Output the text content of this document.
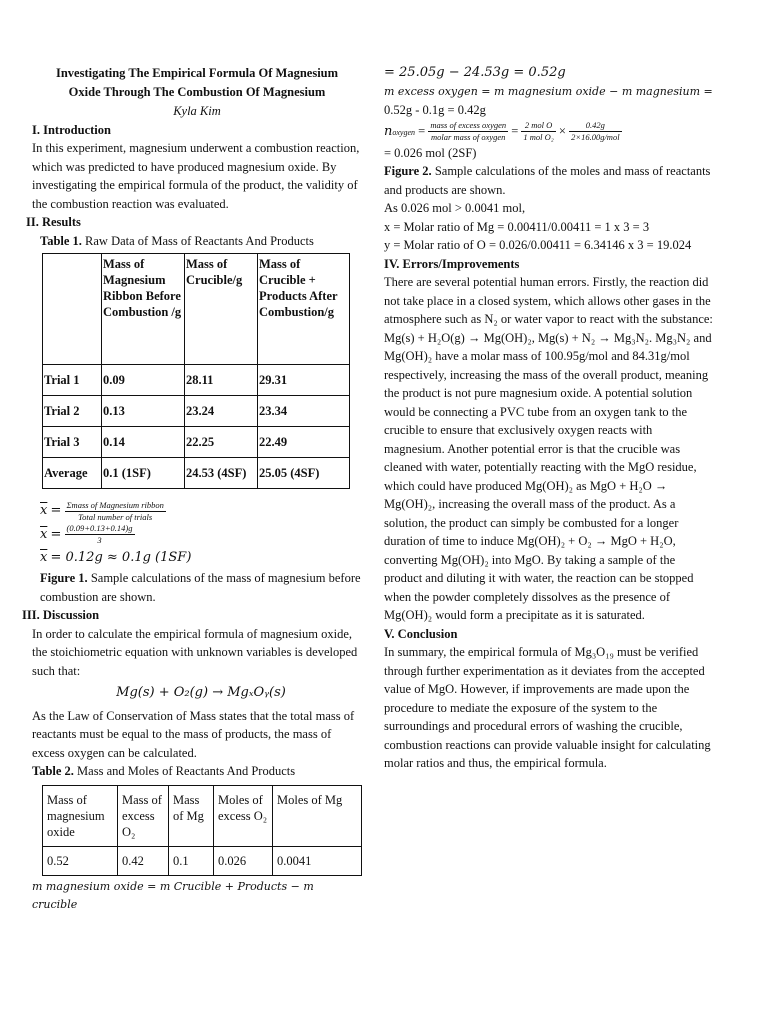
Investigating The Empirical Formula Of Magnesium
Oxide Through The Combustion Of Magnesium
Kyla Kim
I. Introduction

In this experiment, magnesium underwent a combustion reaction, which was predicted to have produced magnesium oxide. By investigating the empirical formula of the product, the validity of the combustion reaction was evaluated.

II. Results
Table 1. Raw Data of Mass of Reactants And Products
	Mass of Magnesium Ribbon Before Combustion /g	Mass of Crucible/g	Mass of Crucible + Products After Combustion/g
Trial 1	0.09	28.11	29.31
Trial 2	0.13	23.24	23.34
Trial 3	0.14	22.25	22.49
Average	0.1 (1SF)	24.53 (4SF)	25.05 (4SF)
$\overline{x} = \frac{\text{Σmass of Magnesium ribbon}}{\text{Total number of trials}}$
$\overline{x} = \frac{(0.09+0.13+0.14)g}{3}$
$\overline{x} = 0.12g \approx 0.1g$ (1SF)
Figure 1. Sample calculations of the mass of magnesium before combustion are shown.
III. Discussion

In order to calculate the empirical formula of magnesium oxide, the stoichiometric equation with unknown variables is developed such that:

Mg(s) + O₂(g) → MgₓOᵧ(s)

As the Law of Conservation of Mass states that the total mass of reactants must be equal to the mass of products, the mass of excess oxygen can be calculated.

Table 2. Mass and Moles of Reactants And Products
Mass of magnesium oxide	Mass of excess O₂	Mass of Mg	Moles of excess O₂	Moles of Mg
0.52	0.42	0.1	0.026	0.0041
m magnesium oxide = m Crucible + Products − m crucible
= 25.05g − 24.53g = 0.52g
m excess oxygen = m magnesium oxide − m magnesium =
0.52g - 0.1g = 0.42g
noxygen = $\frac{\text{mass of excess oxygen}}{\text{molar mass of oxygen}} = \frac{\text{2 mol O}}{\text{1 mol O₂}} \times \frac{0.42g}{\text{2×16.00g/mol}}$
= 0.026 mol (2SF)
Figure 2. Sample calculations of the moles and mass of reactants and products are shown.
As 0.026 mol > 0.0041 mol,
x = Molar ratio of Mg = 0.00411/0.00411 = 1 x 3 = 3
y = Molar ratio of O = 0.026/0.00411 = 6.34146 x 3 = 19.024
IV. Errors/Improvements

There are several potential human errors. Firstly, the reaction did not take place in a closed system, which allows other gases in the atmosphere such as N₂ or water vapor to react with the substance: Mg(s) + H₂O(g) → Mg(OH)₂, Mg(s) + N₂ → Mg₃N₂. Mg₃N₂ and Mg(OH)₂ have a molar mass of 100.95g/mol and 84.31g/mol respectively, increasing the mass of the overall product, meaning the product is not pure magnesium oxide. A potential solution would be connecting a PVC tube from an oxygen tank to the crucible to ensure that exclusively oxygen reacts with magnesium. Another potential error is that the crucible was cleaned with water, potentially reacting with the MgO residue, which could have produced Mg(OH)₂ as MgO + H₂O → Mg(OH)₂, increasing the overall mass of the product. As a solution, the product can simply be combusted for a longer duration of time to induce Mg(OH)₂ + O₂ → MgO + H₂O, converting Mg(OH)₂ into MgO. By taking a sample of the product and diluting it with water, the reaction can be stopped when the powder completely dissolves as the presence of Mg(OH)₂ would form a precipitate as it is saturated.

V. Conclusion

In summary, the empirical formula of Mg₃O₁₉ must be verified through further experimentation as it deviates from the accepted value of MgO. However, if improvements are made upon the procedure to mediate the exposure of the system to the surroundings and procedural errors of washing the crucible, combustion reactions can provide valuable insight for calculating molar ratios and thus, the empirical formula.
